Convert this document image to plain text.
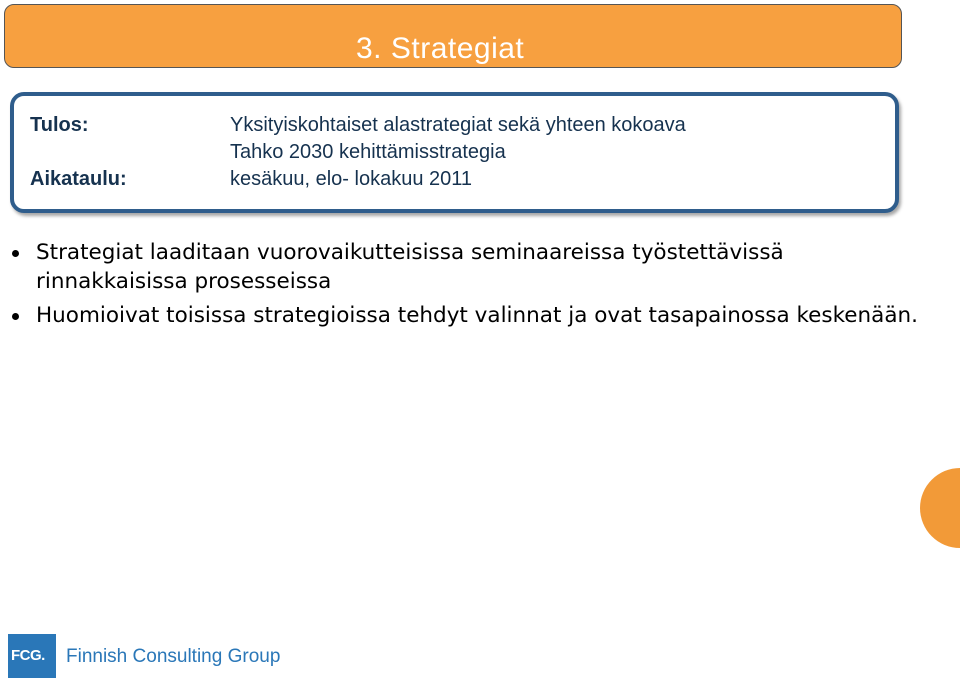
3. Strategiat
Tulos:	Yksityiskohtaiset alastrategiat sekä yhteen kokoava
Tahko 2030 kehittämisstrategia
Aikataulu:	kesäkuu, elo- lokakuu 2011
Strategiat laaditaan vuorovaikutteisissa seminaareissa työstettävissä rinnakkaisissa prosesseissa
Huomioivat toisissa strategioissa tehdyt valinnat ja ovat tasapainossa keskenään.
FCG. Finnish Consulting Group
